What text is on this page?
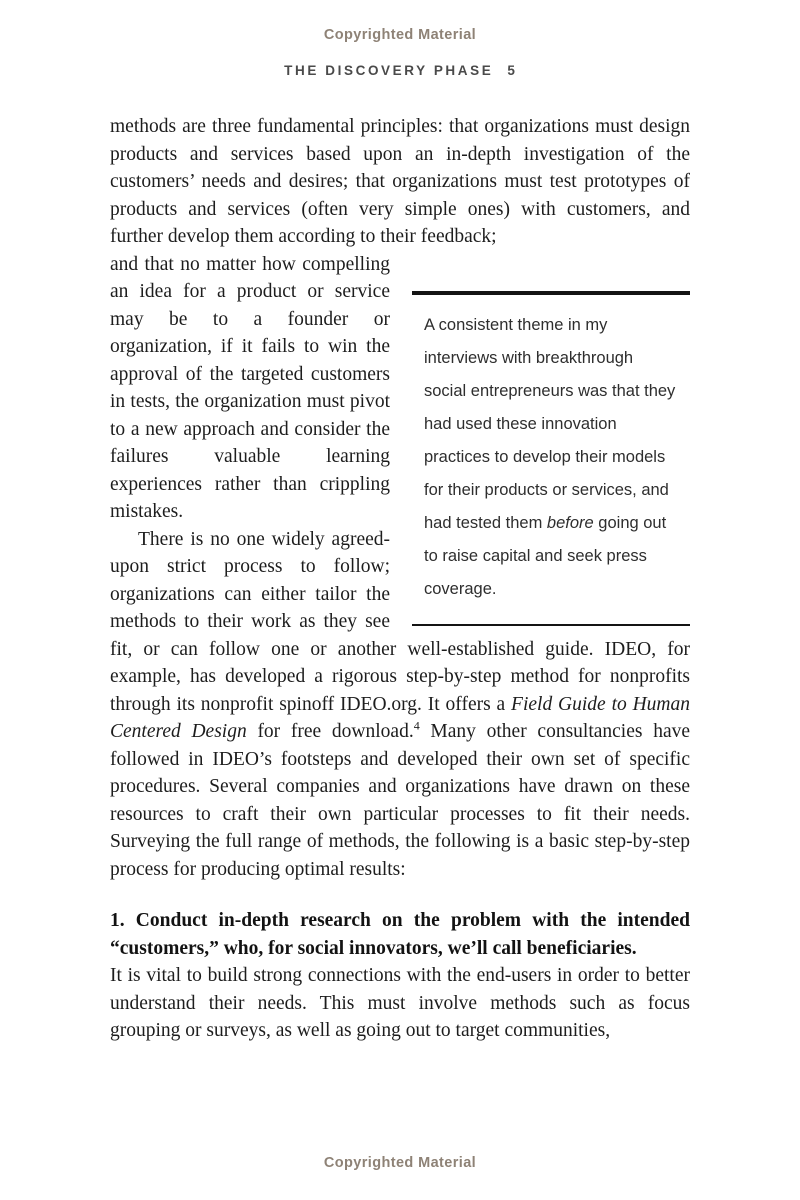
Copyrighted Material
THE DISCOVERY PHASE 5

methods are three fundamental principles: that organizations must design products and services based upon an in-depth investigation of the customers’ needs and desires; that organizations must test prototypes of products and services (often very simple ones) with customers, and further develop them according to their feedback;

A consistent theme in my interviews with breakthrough social entrepreneurs was that they had used these innovation practices to develop their models for their products or services, and had tested them before going out to raise capital and seek press coverage.

and that no matter how compelling an idea for a product or service may be to a founder or organization, if it fails to win the approval of the targeted customers in tests, the organization must pivot to a new approach and consider the failures valuable learning experiences rather than crippling mistakes.

There is no one widely agreed-upon strict process to follow; organizations can either tailor the methods to their work as they see fit, or can follow one or another well-established guide. IDEO, for example, has developed a rigorous step-by-step method for nonprofits through its nonprofit spinoff IDEO.org. It offers a Field Guide to Human Centered Design for free download.$^4$ Many other consultancies have followed in IDEO’s footsteps and developed their own set of specific procedures. Several companies and organizations have drawn on these resources to craft their own particular processes to fit their needs. Surveying the full range of methods, the following is a basic step-by-step process for producing optimal results:

1. Conduct in-depth research on the problem with the intended “customers,” who, for social innovators, we’ll call beneficiaries.

It is vital to build strong connections with the end-users in order to better understand their needs. This must involve methods such as focus grouping or surveys, as well as going out to target communities,

Copyrighted Material
